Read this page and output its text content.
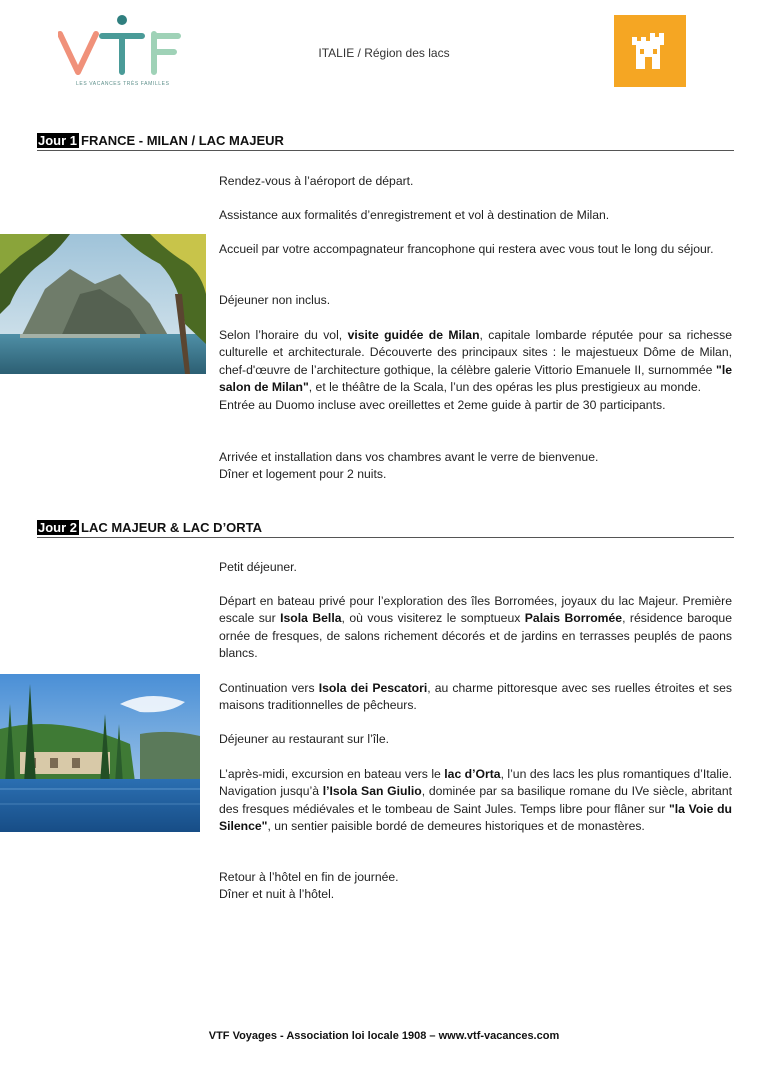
LES VACANCES TRÈS FAMILLES
ITALIE / Région des lacs
Jour 1 FRANCE - MILAN / LAC MAJEUR

Rendez-vous à l’aéroport de départ.

Assistance aux formalités d’enregistrement et vol à destination de Milan.

Accueil par votre accompagnateur francophone qui restera avec vous tout le long du séjour.

Déjeuner non inclus.

Selon l’horaire du vol, visite guidée de Milan, capitale lombarde réputée pour sa richesse culturelle et architecturale. Découverte des principaux sites : le majestueux Dôme de Milan, chef-d'œuvre de l’architecture gothique, la célèbre galerie Vittorio Emanuele II, surnommée "le salon de Milan", et le théâtre de la Scala, l’un des opéras les plus prestigieux au monde.
Entrée au Duomo incluse avec oreillettes et 2eme guide à partir de 30 participants.

Arrivée et installation dans vos chambres avant le verre de bienvenue.
Dîner et logement pour 2 nuits.

Jour 2 LAC MAJEUR & LAC D’ORTA

Petit déjeuner.

Départ en bateau privé pour l’exploration des îles Borromées, joyaux du lac Majeur. Première escale sur Isola Bella, où vous visiterez le somptueux Palais Borromée, résidence baroque ornée de fresques, de salons richement décorés et de jardins en terrasses peuplés de paons blancs.

Continuation vers Isola dei Pescatori, au charme pittoresque avec ses ruelles étroites et ses maisons traditionnelles de pêcheurs.

Déjeuner au restaurant sur l’île.

L’après-midi, excursion en bateau vers le lac d’Orta, l’un des lacs les plus romantiques d’Italie. Navigation jusqu’à l’Isola San Giulio, dominée par sa basilique romane du IVe siècle, abritant des fresques médiévales et le tombeau de Saint Jules. Temps libre pour flâner sur "la Voie du Silence", un sentier paisible bordé de demeures historiques et de monastères.

Retour à l’hôtel en fin de journée.
Dîner et nuit à l’hôtel.

VTF Voyages - Association loi locale 1908 – www.vtf-vacances.com
